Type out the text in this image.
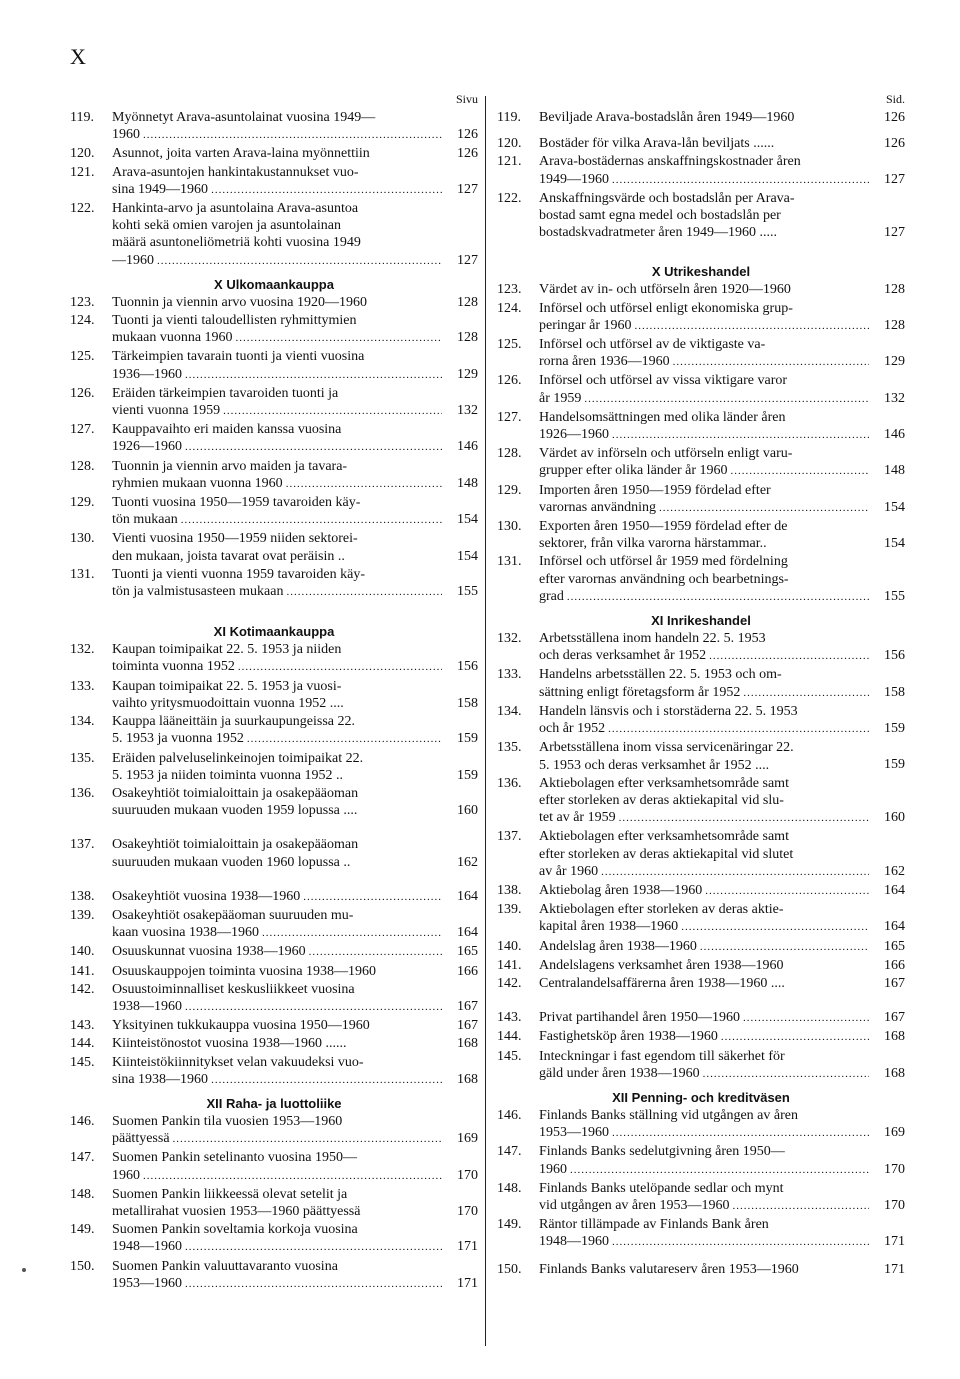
X
Sivu
119.	Myönnetyt Arava-asuntolainat vuosina 1949—
1960 .....	126
120.	Asunnot, joita varten Arava-laina myönnettiin	126
121.	Arava-asuntojen hankintakustannukset vuo-
sina 1949—1960 .....	127
122.	Hankinta-arvo ja asuntolaina Arava-asuntoa
kohti sekä omien varojen ja asuntolainan
määrä asuntoneliömetriä kohti vuosina 1949
—1960 .....	127
X Ulkomaankauppa
123.	Tuonnin ja viennin arvo vuosina 1920—1960	128
124.	Tuonti ja vienti taloudellisten ryhmittymien
mukaan vuonna 1960 .....	128
125.	Tärkeimpien tavarain tuonti ja vienti vuosina
1936—1960 .....	129
126.	Eräiden tärkeimpien tavaroiden tuonti ja
vienti vuonna 1959 .....	132
127.	Kauppavaihto eri maiden kanssa vuosina
1926—1960 .....	146
128.	Tuonnin ja viennin arvo maiden ja tavara-
ryhmien mukaan vuonna 1960 .....	148
129.	Tuonti vuosina 1950—1959 tavaroiden käy-
tön mukaan .....	154
130.	Vienti vuosina 1950—1959 niiden sektorei-
den mukaan, joista tavarat ovat peräisin ..	154
131.	Tuonti ja vienti vuonna 1959 tavaroiden käy-
tön ja valmistusasteen mukaan .....	155
XI Kotimaankauppa
132.	Kaupan toimipaikat 22. 5. 1953 ja niiden
toiminta vuonna 1952 .....	156
133.	Kaupan toimipaikat 22. 5. 1953 ja vuosi-
vaihto yritysmuodoittain vuonna 1952 ....	158
134.	Kauppa lääneittäin ja suurkaupungeissa 22.
5. 1953 ja vuonna 1952 .....	159
135.	Eräiden palveluselinkeinojen toimipaikat 22.
5. 1953 ja niiden toiminta vuonna 1952 ..	159
136.	Osakeyhtiöt toimialoittain ja osakepääoman
suuruuden mukaan vuoden 1959 lopussa ....	160
137.	Osakeyhtiöt toimialoittain ja osakepääoman
suuruuden mukaan vuoden 1960 lopussa ..	162
138.	Osakeyhtiöt vuosina 1938—1960 .....	164
139.	Osakeyhtiöt osakepääoman suuruuden mu-
kaan vuosina 1938—1960 .....	164
140.	Osuuskunnat vuosina 1938—1960 .....	165
141.	Osuuskauppojen toiminta vuosina 1938—1960	166
142.	Osuustoiminnalliset keskusliikkeet vuosina
1938—1960 .....	167
143.	Yksityinen tukkukauppa vuosina 1950—1960	167
144.	Kiinteistönostot vuosina 1938—1960 ......	168
145.	Kiinteistökiinnitykset velan vakuudeksi vuo-
sina 1938—1960 .....	168
XII Raha- ja luottoliike
146.	Suomen Pankin tila vuosien 1953—1960
päättyessä .....	169
147.	Suomen Pankin setelinanto vuosina 1950—
1960 .....	170
148.	Suomen Pankin liikkeessä olevat setelit ja
metallirahat vuosien 1953—1960 päättyessä	170
149.	Suomen Pankin soveltamia korkoja vuosina
1948—1960 .....	171
150.	Suomen Pankin valuuttavaranto vuosina
1953—1960 .....	171
Sid.
119.	Beviljade Arava-bostadslån åren 1949—1960	126
120.	Bostäder för vilka Arava-lån beviljats ......	126
121.	Arava-bostädernas anskaffningskostnader åren
1949—1960 .....	127
122.	Anskaffningsvärde och bostadslån per Arava-
bostad samt egna medel och bostadslån per
bostadskvadratmeter åren 1949—1960 .....	127
X Utrikeshandel
123.	Värdet av in- och utförseln åren 1920—1960	128
124.	Införsel och utförsel enligt ekonomiska grup-
peringar år 1960 .....	128
125.	Införsel och utförsel av de viktigaste va-
rorna åren 1936—1960 .....	129
126.	Införsel och utförsel av vissa viktigare varor
år 1959 .....	132
127.	Handelsomsättningen med olika länder åren
1926—1960 .....	146
128.	Värdet av införseln och utförseln enligt varu-
grupper efter olika länder år 1960 .....	148
129.	Importen åren 1950—1959 fördelad efter
varornas användning .....	154
130.	Exporten åren 1950—1959 fördelad efter de
sektorer, från vilka varorna härstammar..	154
131.	Införsel och utförsel år 1959 med fördelning
efter varornas användning och bearbetnings-
grad .....	155
XI Inrikeshandel
132.	Arbetsställena inom handeln 22. 5. 1953
och deras verksamhet år 1952 .....	156
133.	Handelns arbetsställen 22. 5. 1953 och om-
sättning enligt företagsform år 1952 .....	158
134.	Handeln länsvis och i storstäderna 22. 5. 1953
och år 1952 .....	159
135.	Arbetsställena inom vissa servicenäringar 22.
5. 1953 och deras verksamhet år 1952 ....	159
136.	Aktiebolagen efter verksamhetsområde samt
efter storleken av deras aktiekapital vid slu-
tet av år 1959 .....	160
137.	Aktiebolagen efter verksamhetsområde samt
efter storleken av deras aktiekapital vid slutet
av år 1960 .....	162
138.	Aktiebolag åren 1938—1960 .....	164
139.	Aktiebolagen efter storleken av deras aktie-
kapital åren 1938—1960 .....	164
140.	Andelslag åren 1938—1960 .....	165
141.	Andelslagens verksamhet åren 1938—1960	166
142.	Centralandelsaffärerna åren 1938—1960 ....	167
143.	Privat partihandel åren 1950—1960 .....	167
144.	Fastighetsköp åren 1938—1960 .....	168
145.	Inteckningar i fast egendom till säkerhet för
gäld under åren 1938—1960 .....	168
XII Penning- och kreditväsen
146.	Finlands Banks ställning vid utgången av åren
1953—1960 .....	169
147.	Finlands Banks sedelutgivning åren 1950—
1960 .....	170
148.	Finlands Banks utelöpande sedlar och mynt
vid utgången av åren 1953—1960 .....	170
149.	Räntor tillämpade av Finlands Bank åren
1948—1960 .....	171
150.	Finlands Banks valutareserv åren 1953—1960	171
